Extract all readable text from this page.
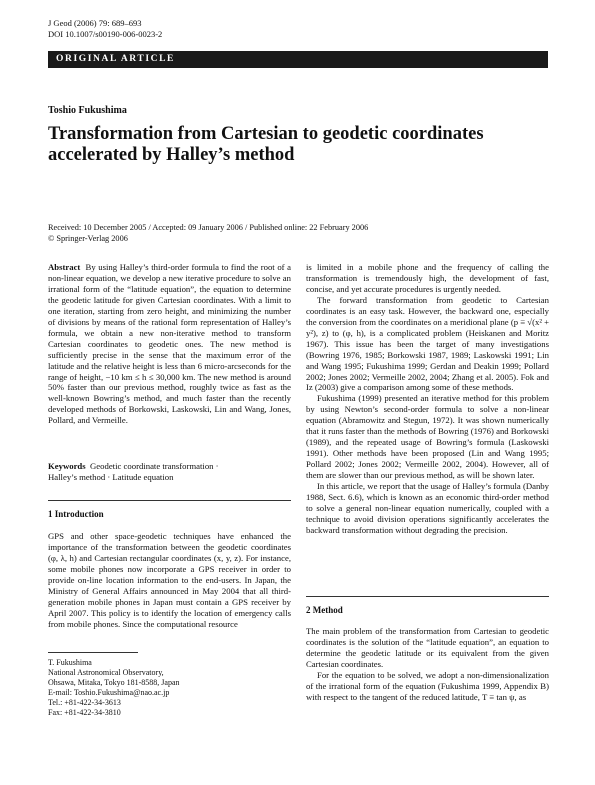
J Geod (2006) 79: 689–693
DOI 10.1007/s00190-006-0023-2
ORIGINAL ARTICLE
Toshio Fukushima
Transformation from Cartesian to geodetic coordinates accelerated by Halley’s method
Received: 10 December 2005 / Accepted: 09 January 2006 / Published online: 22 February 2006
© Springer-Verlag 2006

Abstract By using Halley’s third-order formula to find the root of a non-linear equation, we develop a new iterative procedure to solve an irrational form of the “latitude equation”, the equation to determine the geodetic latitude for given Cartesian coordinates. With a limit to one iteration, starting from zero height, and minimizing the number of divisions by means of the rational form representation of Halley’s formula, we obtain a new non-iterative method to transform Cartesian coordinates to geodetic ones. The new method is sufficiently precise in the sense that the maximum error of the latitude and the relative height is less than 6 micro-arcseconds for the range of height, −10 km ≤ h ≤ 30,000 km. The new method is around 50% faster than our previous method, roughly twice as fast as the well-known Bowring’s method, and much faster than the recently developed methods of Borkowski, Laskowski, Lin and Wang, Jones, Pollard, and Vermeille.

Keywords Geodetic coordinate transformation ·
Halley’s method · Latitude equation
1 Introduction

GPS and other space-geodetic techniques have enhanced the importance of the transformation between the geodetic coordinates (φ, λ, h) and Cartesian rectangular coordinates (x, y, z). For instance, some mobile phones now incorporate a GPS receiver in order to provide on-line location information to the end-users. In Japan, the Ministry of General Affairs announced in May 2004 that all third-generation mobile phones in Japan must contain a GPS receiver by April 2007. This policy is to identify the location of emergency calls from mobile phones. Since the computational resource

T. Fukushima
National Astronomical Observatory,
Ohsawa, Mitaka, Tokyo 181-8588, Japan
E-mail: Toshio.Fukushima@nao.ac.jp
Tel.: +81-422-34-3613
Fax: +81-422-34-3810

is limited in a mobile phone and the frequency of calling the transformation is tremendously high, the development of fast, concise, and yet accurate procedures is urgently needed.

The forward transformation from geodetic to Cartesian coordinates is an easy task. However, the backward one, especially the conversion from the coordinates on a meridional plane (p ≡ √(x² + y²), z) to (φ, h), is a complicated problem (Heiskanen and Moritz 1967). This issue has been the target of many investigations (Bowring 1976, 1985; Borkowski 1987, 1989; Laskowski 1991; Lin and Wang 1995; Fukushima 1999; Gerdan and Deakin 1999; Pollard 2002; Jones 2002; Vermeille 2002, 2004; Zhang et al. 2005). Fok and Iz (2003) give a comparison among some of these methods.

Fukushima (1999) presented an iterative method for this problem by using Newton’s second-order formula to solve a non-linear equation (Abramowitz and Stegun, 1972). It was shown numerically that it runs faster than the methods of Bowring (1976) and Borkowski (1989), and the repeated usage of Bowring’s formula (Laskowski 1991). Other methods have been proposed (Lin and Wang 1995; Pollard 2002; Jones 2002; Vermeille 2002, 2004). However, all of them are slower than our previous method, as will be shown later.

In this article, we report that the usage of Halley’s formula (Danby 1988, Sect. 6.6), which is known as an economic third-order method to solve a general non-linear equation numerically, coupled with a technique to avoid division operations significantly accelerates the backward transformation without degrading the precision.

2 Method

The main problem of the transformation from Cartesian to geodetic coordinates is the solution of the “latitude equation”, an equation to determine the geodetic latitude or its equivalent from the given Cartesian coordinates.

For the equation to be solved, we adopt a non-dimensionalization of the irrational form of the equation (Fukushima 1999, Appendix B) with respect to the tangent of the reduced latitude, T ≡ tan ψ, as
